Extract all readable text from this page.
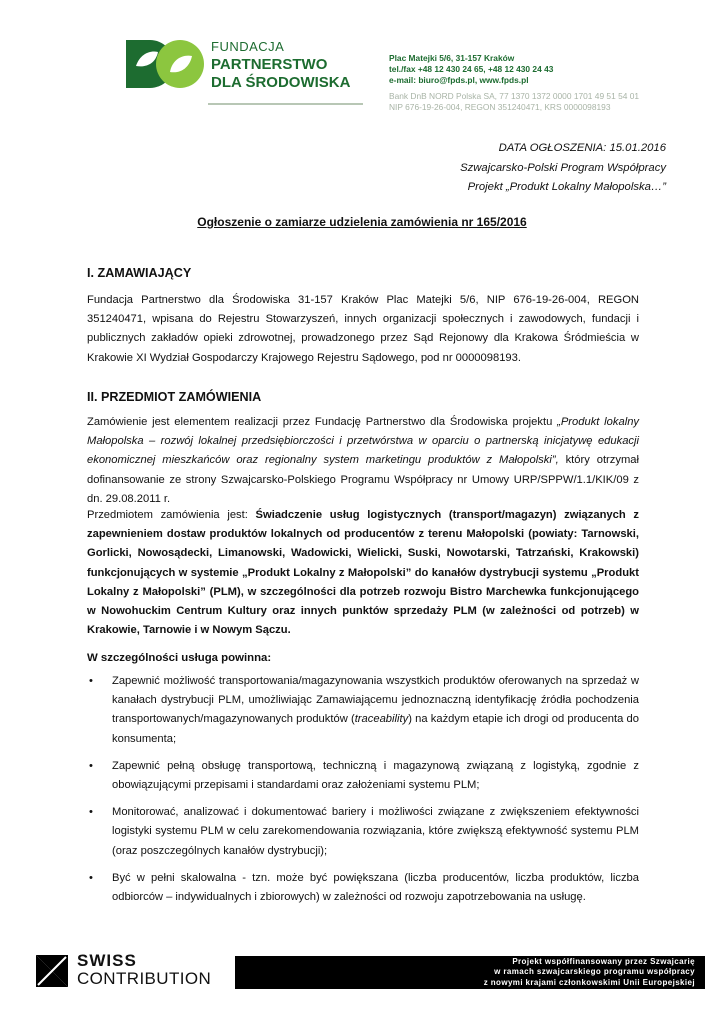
FUNDACJA
PARTNERSTWO
DLA ŚRODOWISKA
Plac Matejki 5/6, 31-157 Kraków
tel./fax +48 12 430 24 65, +48 12 430 24 43
e-mail: biuro@fpds.pl, www.fpds.pl
Bank DnB NORD Polska SA, 77 1370 1372 0000 1701 49 51 54 01
NIP 676-19-26-004, REGON 351240471, KRS 0000098193
DATA OGŁOSZENIA: 15.01.2016
Szwajcarsko-Polski Program Współpracy
Projekt „Produkt Lokalny Małopolska…”
Ogłoszenie o zamiarze udzielenia zamówienia nr 165/2016
I. ZAMAWIAJĄCY
Fundacja Partnerstwo dla Środowiska 31-157 Kraków Plac Matejki 5/6, NIP 676-19-26-004, REGON 351240471, wpisana do Rejestru Stowarzyszeń, innych organizacji społecznych i zawodowych, fundacji i publicznych zakładów opieki zdrowotnej, prowadzonego przez Sąd Rejonowy dla Krakowa Śródmieścia w Krakowie XI Wydział Gospodarczy Krajowego Rejestru Sądowego, pod nr 0000098193.
II. PRZEDMIOT ZAMÓWIENIA
Zamówienie jest elementem realizacji przez Fundację Partnerstwo dla Środowiska projektu „Produkt lokalny Małopolska – rozwój lokalnej przedsiębiorczości i przetwórstwa w oparciu o partnerską inicjatywę edukacji ekonomicznej mieszkańców oraz regionalny system marketingu produktów z Małopolski”, który otrzymał dofinansowanie ze strony Szwajcarsko-Polskiego Programu Współpracy nr Umowy URP/SPPW/1.1/KIK/09 z dn. 29.08.2011 r.
Przedmiotem zamówienia jest: Świadczenie usług logistycznych (transport/magazyn) związanych z zapewnieniem dostaw produktów lokalnych od producentów z terenu Małopolski (powiaty: Tarnowski, Gorlicki, Nowosądecki, Limanowski, Wadowicki, Wielicki, Suski, Nowotarski, Tatrzański, Krakowski) funkcjonujących w systemie „Produkt Lokalny z Małopolski” do kanałów dystrybucji systemu „Produkt Lokalny z Małopolski” (PLM), w szczególności dla potrzeb rozwoju Bistro Marchewka funkcjonującego w Nowohuckim Centrum Kultury oraz innych punktów sprzedaży PLM (w zależności od potrzeb) w Krakowie, Tarnowie i w Nowym Sączu.
W szczególności usługa powinna:
• Zapewnić możliwość transportowania/magazynowania wszystkich produktów oferowanych na sprzedaż w kanałach dystrybucji PLM, umożliwiając Zamawiającemu jednoznaczną identyfikację źródła pochodzenia transportowanych/magazynowanych produktów (traceability) na każdym etapie ich drogi od producenta do konsumenta;
• Zapewnić pełną obsługę transportową, techniczną i magazynową związaną z logistyką, zgodnie z obowiązującymi przepisami i standardami oraz założeniami systemu PLM;
• Monitorować, analizować i dokumentować bariery i możliwości związane z zwiększeniem efektywności logistyki systemu PLM w celu zarekomendowania rozwiązania, które zwiększą efektywność systemu PLM (oraz poszczególnych kanałów dystrybucji);
• Być w pełni skalowalna - tzn. może być powiększana (liczba producentów, liczba produktów, liczba odbiorców – indywidualnych i zbiorowych) w zależności od rozwoju zapotrzebowania na usługę.
SWISS
CONTRIBUTION
Projekt współfinansowany przez Szwajcarię
w ramach szwajcarskiego programu współpracy
z nowymi krajami członkowskimi Unii Europejskiej
